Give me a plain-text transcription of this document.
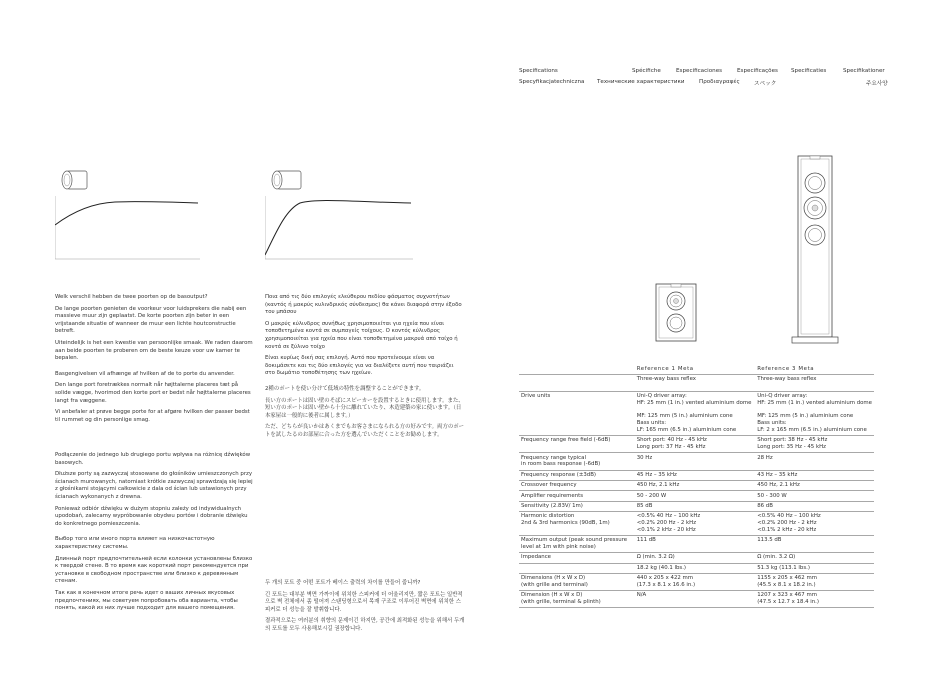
Specifications	Spécifiche	Especificaciones	Especificações Specificaties	Specifikationer
Specyfikacjatechniczna Технические характеристики	Προδιαγραφές	スペック	주요사양

Welk verschil hebben de twee poorten op de basoutput?

De lange poorten genieten de voorkeur voor luidsprekers die nabij een massieve muur zijn geplaatst. De korte poorten zijn beter in een vrijstaande situatie of wanneer de muur een lichte houtconstructie betreft.

Uiteindelijk is het een kwestie van persoonlijke smaak. We raden daarom aan beide poorten te proberen om de beste keuze voor uw kamer te bepalen.

Basgengivelsen vil afhænge af hvilken af de to porte du anvender.

Den lange port foretrækkes normalt når højttalerne placeres tæt på solide vægge, hvorimod den korte port er bedst når højttalerne placeres langt fra væggene.

Vi anbefaler at prøve begge porte for at afgøre hvilken der passer bedst til rummet og din personlige smag.

Podłączenie do jednego lub drugiego portu wpływa na różnicę dźwięków basowych.

Dłuższe porty są zazwyczaj stosowane do głośników umieszczonych przy ścianach murowanych, natomiast krótkie zazwyczaj sprawdzają się lepiej z głośnikami stojącymi całkowicie z dala od ścian lub ustawionych przy ścianach wykonanych z drewna.

Ponieważ odbiór dźwięku w dużym stopniu zależy od indywidualnych upodobań, zalecamy wypróbowanie obydwu portów i dobranie dźwięku do konkretnego pomieszczenia.

Выбор того или иного порта влияет на низкочастотную характеристику системы.

Длинный порт предпочтительней если колонки установлены близко к твердой стене. В то время как короткий порт рекомендуется при установке в свободном пространстве или близко к деревянным стенам.

Так как в конечном итоге речь идет о ваших личных вкусовых предпочтениях, мы советуем попробовать оба варианта, чтобы понять, какой из них лучше подходит для вашего помещения.

Ποια από τις δύο επιλογές ελεύθερου πεδίου φάσματος συχνοτήτων (καντός ή μακρύς κυλινδρικός σύνδεσμος) θα κάνει διαφορά στην έξοδο του μπάσου

Ο μακρύς κύλινδρος συνήθως χρησιμοποιείται για ηχεία που είναι τοποθετημένα κοντά σε συμπαγείς τοίχους. Ο κοντός κύλινδρος χρησιμοποιείται για ηχεία που είναι τοποθετημένα μακρυά από τοίχο ή κοντά σε ξύλινο τοίχο

Είναι κυρίως δική σας επιλογή. Αυτό που προτείνουμε είναι να δοκιμάσετε και τις δύο επιλογές για να διαλέξετε αυτή που ταιριάζει στο δωμάτιο τοποθέτησης των ηχείων.

2種のポートを使い分けて低域の特性を調整することができます。

長い方のポートは固い壁のそばにスピーカーを設置するときに使用します。また、短い方のポートは固い壁から十分に離れていたり、木造建築の家に使います。（日本家屋は一般的に後者に属します。）

ただ、どちらが良いかはあくまでもお客さまになられる方の好みです。両方のポートを試したるのお部屋に合った方を選んでいただくことをお勧めします。

두 개의 포트 중 어떤 포트가 베이스 출력의 차이를 만들어 줍니까?

긴 포트는 대부분 벽면 가까이에 위치한 스피커에 더 어울리지만, 짧은 포트는 일반적으로 벽 전체에서 좀 떨어져 스탠딩형으로서 목재 구조로 이루어진 벽면에 위치한 스피커로 더 성능을 잘 발휘합니다.

결과적으로는 여러분의 취향의 문제이긴 하지만, 공간에 최적화된 성능을 위해서 두개의 포트를 모두 사용해보시길 권장합니다.

	Reference 1 Meta	Reference 3 Meta

	Three-way bass reflex	Three-way bass reflex

Drive units	Uni-Q driver array:
HF: 25 mm (1 in.) vented aluminium dome
MF: 125 mm (5 in.) aluminium cone
Bass units:
LF: 165 mm (6.5 in.) aluminium cone	Uni-Q driver array:
HF: 25 mm (1 in.) vented aluminium dome
MF: 125 mm (5 in.) aluminium cone
Bass units:
LF: 2 x 165 mm (6.5 in.) aluminium cone

Frequency range free field (-6dB)	Short port: 40 Hz - 45 kHz
Long port: 37 Hz - 45 kHz	Short port: 38 Hz - 45 kHz
Long port: 35 Hz - 45 kHz

Frequency range typical
in room bass response (-6dB)	30 Hz	28 Hz

Frequency response (±3dB)	45 Hz – 35 kHz	43 Hz – 35 kHz

Crossover frequency	450 Hz, 2.1 kHz	450 Hz, 2.1 kHz

Amplifier requirements	50 - 200 W	50 - 300 W

Sensitivity (2.83V/ 1m)	85 dB	86 dB

Harmonic distortion
2nd & 3rd harmonics (90dB, 1m)	<0.5% 40 Hz – 100 kHz
<0.2% 200 Hz - 2 kHz
<0.1% 2 kHz - 20 kHz	<0.5% 40 Hz – 100 kHz
<0.2% 200 Hz - 2 kHz
<0.1% 2 kHz - 20 kHz

Maximum output (peak sound pressure
level at 1m with pink noise)	111 dB	113.5 dB

Impedance	Ω (min. 3.2 Ω)	Ω (min. 3.2 Ω)

	18.2 kg (40.1 lbs.)	51.3 kg (113.1 lbs.)

Dimensions (H x W x D)
(with grille and terminal)	440 x 205 x 422 mm
(17.3 x 8.1 x 16.6 in.)	1155 x 205 x 462 mm
(45.5 x 8.1 x 18.2 in.)

Dimension (H x W x D)
(with grille, terminal & plinth)	N/A	1207 x 323 x 467 mm
(47.5 x 12.7 x 18.4 in.)
